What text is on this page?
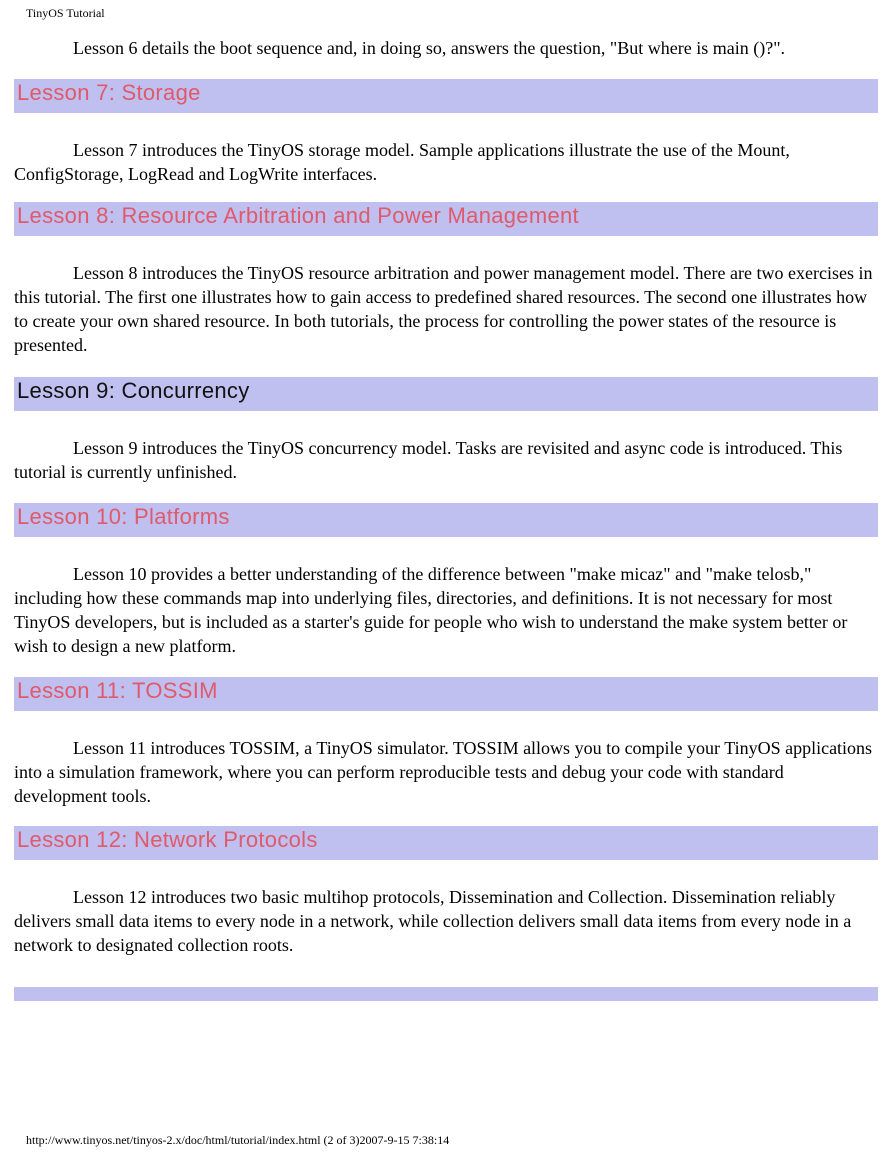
TinyOS Tutorial

Lesson 6 details the boot sequence and, in doing so, answers the question, "But where is main ()?".

Lesson 7: Storage

Lesson 7 introduces the TinyOS storage model. Sample applications illustrate the use of the Mount, ConfigStorage, LogRead and LogWrite interfaces.

Lesson 8: Resource Arbitration and Power Management

Lesson 8 introduces the TinyOS resource arbitration and power management model. There are two exercises in this tutorial. The first one illustrates how to gain access to predefined shared resources. The second one illustrates how to create your own shared resource. In both tutorials, the process for controlling the power states of the resource is presented.

Lesson 9: Concurrency

Lesson 9 introduces the TinyOS concurrency model. Tasks are revisited and async code is introduced. This tutorial is currently unfinished.

Lesson 10: Platforms

Lesson 10 provides a better understanding of the difference between "make micaz" and "make telosb," including how these commands map into underlying files, directories, and definitions. It is not necessary for most TinyOS developers, but is included as a starter's guide for people who wish to understand the make system better or wish to design a new platform.

Lesson 11: TOSSIM

Lesson 11 introduces TOSSIM, a TinyOS simulator. TOSSIM allows you to compile your TinyOS applications into a simulation framework, where you can perform reproducible tests and debug your code with standard development tools.

Lesson 12: Network Protocols

Lesson 12 introduces two basic multihop protocols, Dissemination and Collection. Dissemination reliably delivers small data items to every node in a network, while collection delivers small data items from every node in a network to designated collection roots.

http://www.tinyos.net/tinyos-2.x/doc/html/tutorial/index.html (2 of 3)2007-9-15 7:38:14
